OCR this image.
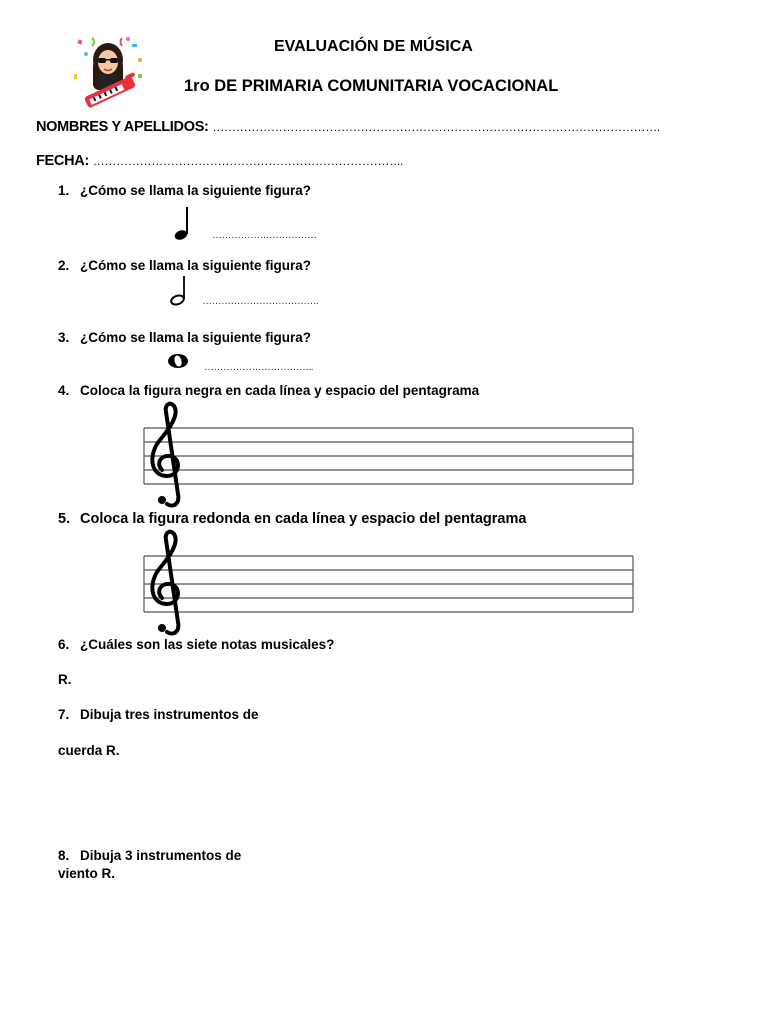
EVALUACIÓN DE MÚSICA
1ro DE PRIMARIA COMUNITARIA VOCACIONAL
NOMBRES Y APELLIDOS: …………………………………………………………………………………………………….
FECHA: ……………………………………………………………………..
1. ¿Cómo se llama la siguiente figura?
……………………………
2. ¿Cómo se llama la siguiente figura?
……………………………….
3. ¿Cómo se llama la siguiente figura?
……………………………..
4. Coloca la figura negra en cada línea y espacio del pentagrama
5. Coloca la figura redonda en cada línea y espacio del pentagrama
6. ¿Cuáles son las siete notas musicales?
R.
7. Dibuja tres instrumentos de
cuerda R.
8. Dibuja 3 instrumentos de
viento R.
